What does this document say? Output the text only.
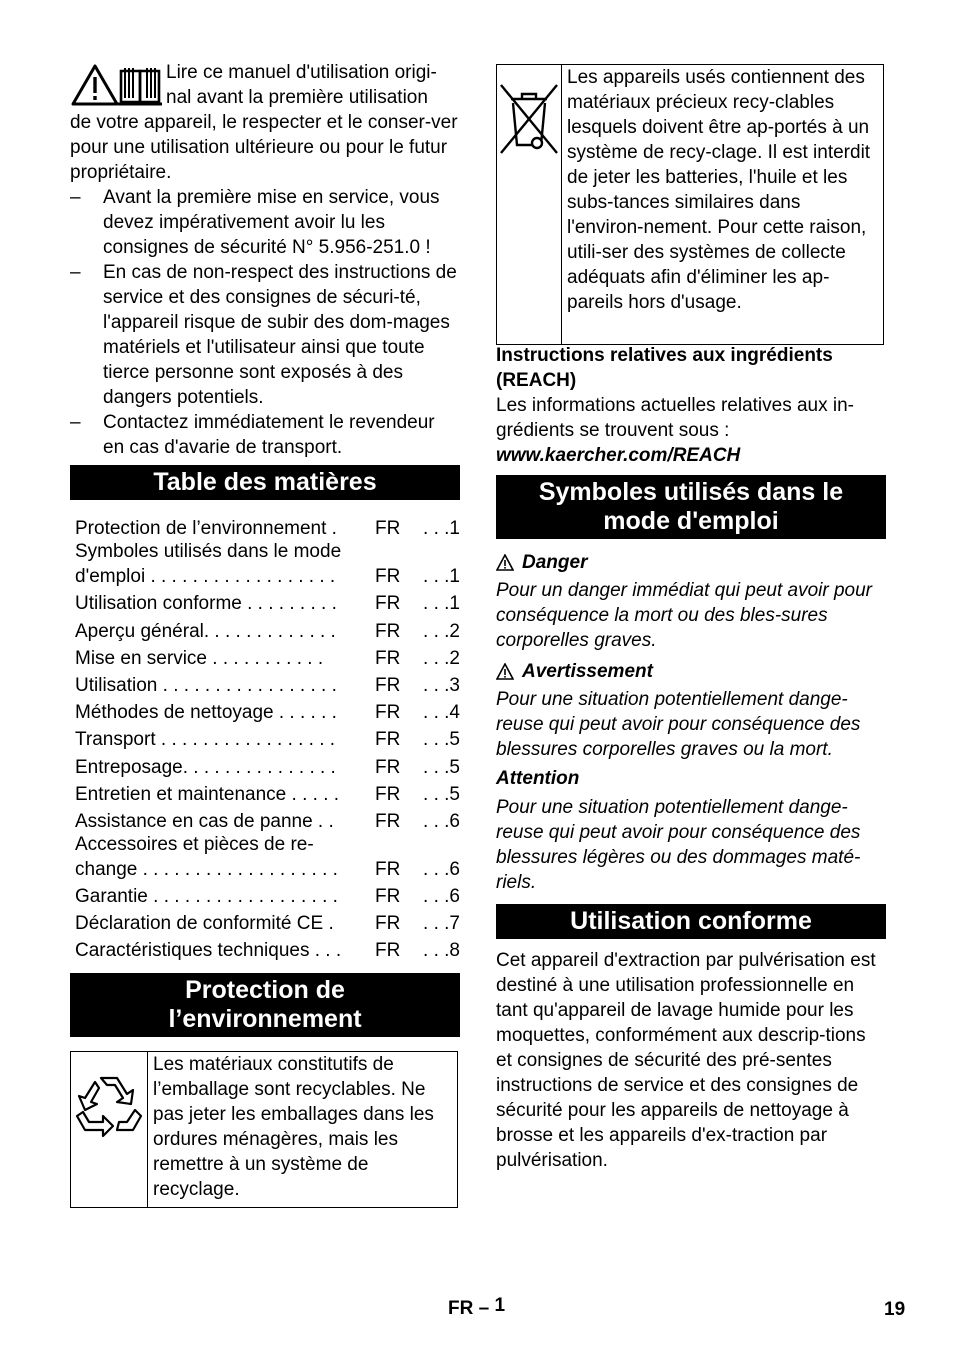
Lire ce manuel d'utilisation origi-

nal avant la première utilisation

de votre appareil, le respecter et le conser-ver pour une utilisation ultérieure ou pour le futur propriétaire.

– Avant la première mise en service, vous devez impérativement avoir lu les consignes de sécurité N° 5.956-251.0 !
– En cas de non-respect des instructions de service et des consignes de sécuri-té, l'appareil risque de subir des dom-mages matériels et l'utilisateur ainsi que toute tierce personne sont exposés à des dangers potentiels.
– Contactez immédiatement le revendeur en cas d'avarie de transport.
Table des matières
Protection de l’environnement .	FR	. . .1
Symboles utilisés dans le mode
d'emploi . . . . . . . . . . . . . . . . . .	FR	. . .1
Utilisation conforme . . . . . . . . .	FR	. . .1
Aperçu général. . . . . . . . . . . . .	FR	. . .2
Mise en service . . . . . . . . . . .	FR	. . .2
Utilisation . . . . . . . . . . . . . . . . .	FR	. . .3
Méthodes de nettoyage . . . . . .	FR	. . .4
Transport . . . . . . . . . . . . . . . . .	FR	. . .5
Entreposage. . . . . . . . . . . . . . .	FR	. . .5
Entretien et maintenance . . . . .	FR	. . .5
Assistance en cas de panne . .	FR	. . .6
Accessoires et pièces de re-
change . . . . . . . . . . . . . . . . . . .	FR	. . .6
Garantie . . . . . . . . . . . . . . . . . .	FR	. . .6
Déclaration de conformité CE .	FR	. . .7
Caractéristiques techniques . . .	FR	. . .8
Protection de
l’environnement
Les matériaux constitutifs de l’emballage sont recyclables. Ne pas jeter les emballages dans les ordures ménagères, mais les remettre à un système de recyclage.
Les appareils usés contiennent des matériaux précieux recy-clables lesquels doivent être ap-portés à un système de recy-clage. Il est interdit de jeter les batteries, l'huile et les subs-tances similaires dans l'environ-nement. Pour cette raison, utili-ser des systèmes de collecte adéquats afin d'éliminer les ap-pareils hors d'usage.

Instructions relatives aux ingrédients (REACH)

Les informations actuelles relatives aux in-grédients se trouvent sous :

www.kaercher.com/REACH

Symboles utilisés dans le
mode d'emploi
Danger

Pour un danger immédiat qui peut avoir pour conséquence la mort ou des bles-sures corporelles graves.

Avertissement

Pour une situation potentiellement dange-reuse qui peut avoir pour conséquence des blessures corporelles graves ou la mort.

Attention

Pour une situation potentiellement dange-reuse qui peut avoir pour conséquence des blessures légères ou des dommages maté-riels.

Utilisation conforme

Cet appareil d'extraction par pulvérisation est destiné à une utilisation professionnelle en tant qu'appareil de lavage humide pour les moquettes, conformément aux descrip-tions et consignes de sécurité des pré-sentes instructions de service et des consignes de sécurité pour les appareils de nettoyage à brosse et les appareils d'ex-traction par pulvérisation.

FR – 1	19
